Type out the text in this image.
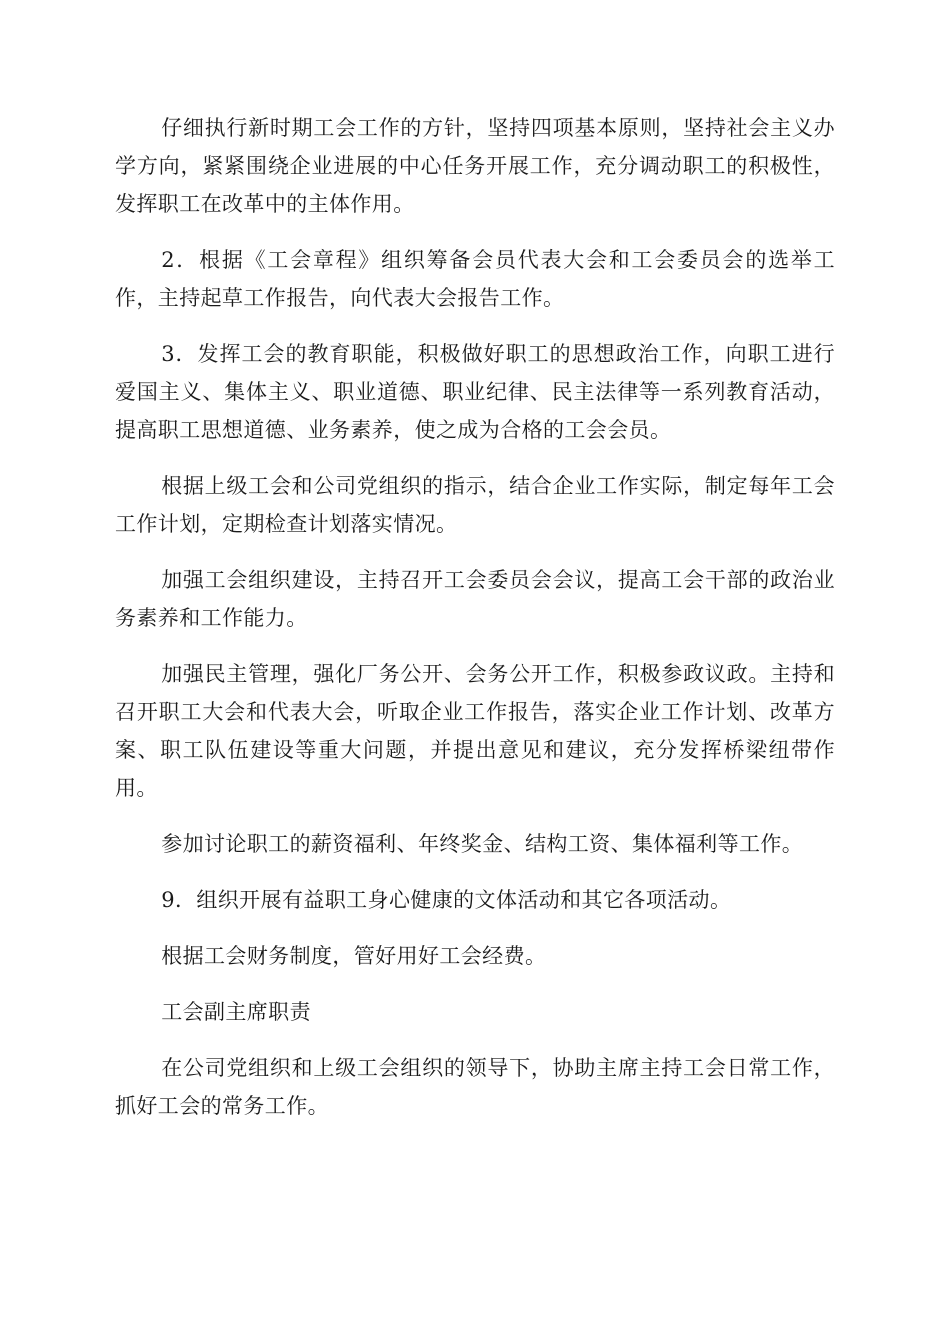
仔细执行新时期工会工作的方针，坚持四项基本原则，坚持社会主义办学方向，紧紧围绕企业进展的中心任务开展工作，充分调动职工的积极性，发挥职工在改革中的主体作用。

2．根据《工会章程》组织筹备会员代表大会和工会委员会的选举工作，主持起草工作报告，向代表大会报告工作。

3．发挥工会的教育职能，积极做好职工的思想政治工作，向职工进行爱国主义、集体主义、职业道德、职业纪律、民主法律等一系列教育活动，提高职工思想道德、业务素养，使之成为合格的工会会员。

根据上级工会和公司党组织的指示，结合企业工作实际，制定每年工会工作计划，定期检查计划落实情况。

加强工会组织建设，主持召开工会委员会会议，提高工会干部的政治业务素养和工作能力。

加强民主管理，强化厂务公开、会务公开工作，积极参政议政。主持和召开职工大会和代表大会，听取企业工作报告，落实企业工作计划、改革方案、职工队伍建设等重大问题，并提出意见和建议，充分发挥桥梁纽带作用。

参加讨论职工的薪资福利、年终奖金、结构工资、集体福利等工作。

9．组织开展有益职工身心健康的文体活动和其它各项活动。

根据工会财务制度，管好用好工会经费。

工会副主席职责

在公司党组织和上级工会组织的领导下，协助主席主持工会日常工作，抓好工会的常务工作。
